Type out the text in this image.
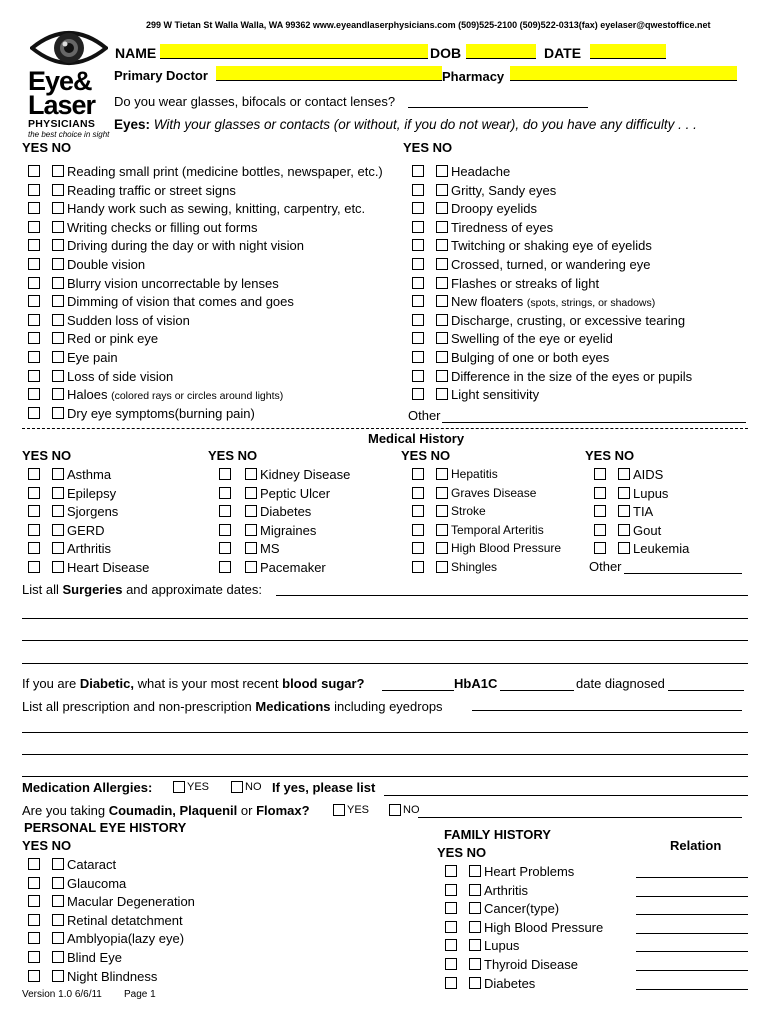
299 W Tietan St Walla Walla, WA 99362 www.eyeandlaserphysicians.com (509)525-2100 (509)522-0313(fax) eyelaser@qwestoffice.net
Eye&
Laser
PHYSICIANS
the best choice in sight
NAME	DOB	DATE
Primary Doctor	Pharmacy
Do you wear glasses, bifocals or contact lenses?
Eyes: With your glasses or contacts (or without, if you do not wear), do you have any difficulty . . .
YES NO	YES NO
Reading small print (medicine bottles, newspaper, etc.)
Reading traffic or street signs
Handy work such as sewing, knitting, carpentry, etc.
Writing checks or filling out forms
Driving during the day or with night vision
Double vision
Blurry vision uncorrectable by lenses
Dimming of vision that comes and goes
Sudden loss of vision
Red or pink eye
Eye pain
Loss of side vision
Haloes (colored rays or circles around lights)
Dry eye symptoms(burning pain)
Headache
Gritty, Sandy eyes
Droopy eyelids
Tiredness of eyes
Twitching or shaking eye of eyelids
Crossed, turned, or wandering eye
Flashes or streaks of light
New floaters (spots, strings, or shadows)
Discharge, crusting, or excessive tearing
Swelling of the eye or eyelid
Bulging of one or both eyes
Difference in the size of the eyes or pupils
Light sensitivity
Other
Medical History
YES NO	YES NO	YES NO	YES NO
Asthma
Epilepsy
Sjorgens
GERD
Arthritis
Heart Disease
Kidney Disease
Peptic Ulcer
Diabetes
Migraines
MS
Pacemaker
Hepatitis
Graves Disease
Stroke
Temporal Arteritis
High Blood Pressure
Shingles
AIDS
Lupus
TIA
Gout
Leukemia
Other
List all Surgeries and approximate dates:
If you are Diabetic, what is your most recent blood sugar?	HbA1C	date diagnosed
List all prescription and non-prescription Medications including eyedrops
Medication Allergies:	YES	NO If yes, please list
Are you taking Coumadin, Plaquenil or Flomax?	YES	NO
PERSONAL EYE HISTORY
YES NO
Cataract
Glaucoma
Macular Degeneration
Retinal detatchment
Amblyopia(lazy eye)
Blind Eye
Night Blindness
FAMILY HISTORY
YES NO	Relation
Heart Problems
Arthritis
Cancer(type)
High Blood Pressure
Lupus
Thyroid Disease
Diabetes
Version 1.0 6/6/11 Page 1
